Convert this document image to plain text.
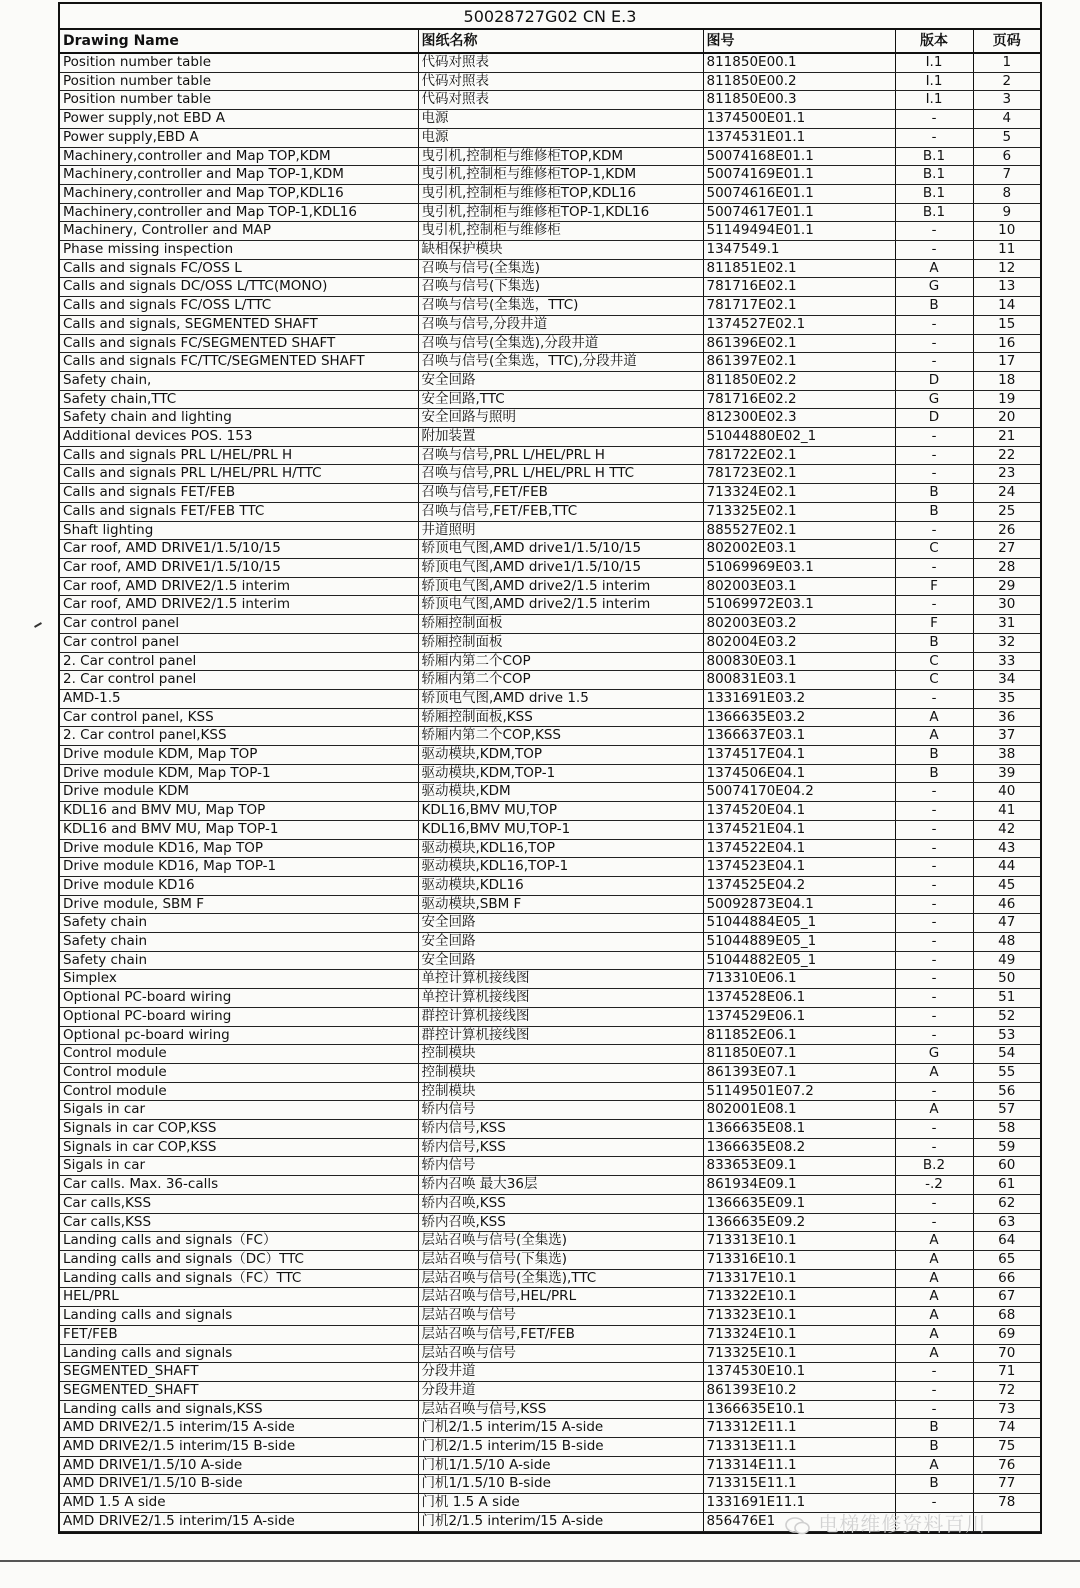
50028727G02 CN E.3
Drawing Name	图纸名称	图号	版本	页码
Position number table	代码对照表	811850E00.1	I.1	1
Position number table	代码对照表	811850E00.2	I.1	2
Position number table	代码对照表	811850E00.3	I.1	3
Power supply,not EBD A	电源	1374500E01.1	-	4
Power supply,EBD A	电源	1374531E01.1	-	5
Machinery,controller and Map TOP,KDM	曳引机,控制柜与维修柜TOP,KDM	50074168E01.1	B.1	6
Machinery,controller and Map TOP-1,KDM	曳引机,控制柜与维修柜TOP-1,KDM	50074169E01.1	B.1	7
Machinery,controller and Map TOP,KDL16	曳引机,控制柜与维修柜TOP,KDL16	50074616E01.1	B.1	8
Machinery,controller and Map TOP-1,KDL16	曳引机,控制柜与维修柜TOP-1,KDL16	50074617E01.1	B.1	9
Machinery, Controller and MAP	曳引机,控制柜与维修柜	51149494E01.1	-	10
Phase missing inspection	缺相保护模块	1347549.1	-	11
Calls and signals FC/OSS L	召唤与信号(全集选)	811851E02.1	A	12
Calls and signals DC/OSS L/TTC(MONO)	召唤与信号(下集选)	781716E02.1	G	13
Calls and signals FC/OSS L/TTC	召唤与信号(全集选，TTC)	781717E02.1	B	14
Calls and signals, SEGMENTED SHAFT	召唤与信号,分段井道	1374527E02.1	-	15
Calls and signals FC/SEGMENTED SHAFT	召唤与信号(全集选),分段井道	861396E02.1	-	16
Calls and signals FC/TTC/SEGMENTED SHAFT	召唤与信号(全集选，TTC),分段井道	861397E02.1	-	17
Safety chain,	安全回路	811850E02.2	D	18
Safety chain,TTC	安全回路,TTC	781716E02.2	G	19
Safety chain and lighting	安全回路与照明	812300E02.3	D	20
Additional devices POS. 153	附加装置	51044880E02_1	-	21
Calls and signals PRL L/HEL/PRL H	召唤与信号,PRL L/HEL/PRL H	781722E02.1	-	22
Calls and signals PRL L/HEL/PRL H/TTC	召唤与信号,PRL L/HEL/PRL H TTC	781723E02.1	-	23
Calls and signals FET/FEB	召唤与信号,FET/FEB	713324E02.1	B	24
Calls and signals FET/FEB TTC	召唤与信号,FET/FEB,TTC	713325E02.1	B	25
Shaft lighting	井道照明	885527E02.1	-	26
Car roof, AMD DRIVE1/1.5/10/15	轿顶电气图,AMD drive1/1.5/10/15	802002E03.1	C	27
Car roof, AMD DRIVE1/1.5/10/15	轿顶电气图,AMD drive1/1.5/10/15	51069969E03.1	-	28
Car roof, AMD DRIVE2/1.5 interim	轿顶电气图,AMD drive2/1.5 interim	802003E03.1	F	29
Car roof, AMD DRIVE2/1.5 interim	轿顶电气图,AMD drive2/1.5 interim	51069972E03.1	-	30
Car control panel	轿厢控制面板	802003E03.2	F	31
Car control panel	轿厢控制面板	802004E03.2	B	32
2. Car control panel	轿厢内第二个COP	800830E03.1	C	33
2. Car control panel	轿厢内第二个COP	800831E03.1	C	34
AMD-1.5	轿顶电气图,AMD drive 1.5	1331691E03.2	-	35
Car control panel, KSS	轿厢控制面板,KSS	1366635E03.2	A	36
2. Car control panel,KSS	轿厢内第二个COP,KSS	1366637E03.1	A	37
Drive module KDM, Map TOP	驱动模块,KDM,TOP	1374517E04.1	B	38
Drive module KDM, Map TOP-1	驱动模块,KDM,TOP-1	1374506E04.1	B	39
Drive module KDM	驱动模块,KDM	50074170E04.2	-	40
KDL16 and BMV MU, Map TOP	KDL16,BMV MU,TOP	1374520E04.1	-	41
KDL16 and BMV MU, Map TOP-1	KDL16,BMV MU,TOP-1	1374521E04.1	-	42
Drive module KD16, Map TOP	驱动模块,KDL16,TOP	1374522E04.1	-	43
Drive module KD16, Map TOP-1	驱动模块,KDL16,TOP-1	1374523E04.1	-	44
Drive module KD16	驱动模块,KDL16	1374525E04.2	-	45
Drive module, SBM F	驱动模块,SBM F	50092873E04.1	-	46
Safety chain	安全回路	51044884E05_1	-	47
Safety chain	安全回路	51044889E05_1	-	48
Safety chain	安全回路	51044882E05_1	-	49
Simplex	单控计算机接线图	713310E06.1	-	50
Optional PC-board wiring	单控计算机接线图	1374528E06.1	-	51
Optional PC-board wiring	群控计算机接线图	1374529E06.1	-	52
Optional pc-board wiring	群控计算机接线图	811852E06.1	-	53
Control module	控制模块	811850E07.1	G	54
Control module	控制模块	861393E07.1	A	55
Control module	控制模块	51149501E07.2	-	56
Sigals in car	轿内信号	802001E08.1	A	57
Signals in car COP,KSS	轿内信号,KSS	1366635E08.1	-	58
Signals in car COP,KSS	轿内信号,KSS	1366635E08.2	-	59
Sigals in car	轿内信号	833653E09.1	B.2	60
Car calls. Max. 36-calls	轿内召唤 最大36层	861934E09.1	-.2	61
Car calls,KSS	轿内召唤,KSS	1366635E09.1	-	62
Car calls,KSS	轿内召唤,KSS	1366635E09.2	-	63
Landing calls and signals（FC）	层站召唤与信号(全集选)	713313E10.1	A	64
Landing calls and signals（DC）TTC	层站召唤与信号(下集选)	713316E10.1	A	65
Landing calls and signals（FC）TTC	层站召唤与信号(全集选),TTC	713317E10.1	A	66
HEL/PRL	层站召唤与信号,HEL/PRL	713322E10.1	A	67
Landing calls and signals	层站召唤与信号	713323E10.1	A	68
FET/FEB	层站召唤与信号,FET/FEB	713324E10.1	A	69
Landing calls and signals	层站召唤与信号	713325E10.1	A	70
SEGMENTED_SHAFT	分段井道	1374530E10.1	-	71
SEGMENTED_SHAFT	分段井道	861393E10.2	-	72
Landing calls and signals,KSS	层站召唤与信号,KSS	1366635E10.1	-	73
AMD DRIVE2/1.5 interim/15 A-side	门机2/1.5 interim/15 A-side	713312E11.1	B	74
AMD DRIVE2/1.5 interim/15 B-side	门机2/1.5 interim/15 B-side	713313E11.1	B	75
AMD DRIVE1/1.5/10 A-side	门机1/1.5/10 A-side	713314E11.1	A	76
AMD DRIVE1/1.5/10 B-side	门机1/1.5/10 B-side	713315E11.1	B	77
AMD 1.5 A side	门机 1.5 A side	1331691E11.1	-	78
AMD DRIVE2/1.5 interim/15 A-side	门机2/1.5 interim/15 A-side	856476E1			电梯维修资料百川
